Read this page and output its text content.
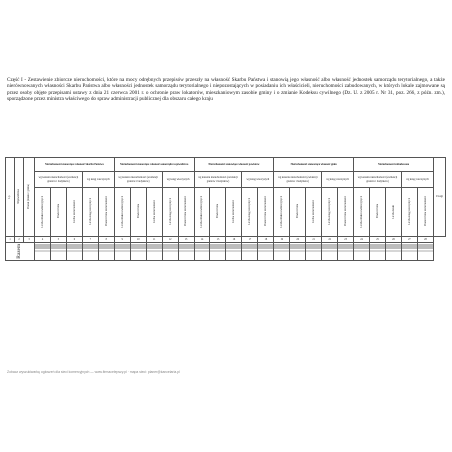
Część I - Zestawienie zbiorcze nieruchomości, które na mocy odrębnych przepisów przeszły na własność Skarbu Państwa i stanowią jego własność albo własność jednostek samorządu terytorialnego, a także nierównowanych własności Skarbu Państwa albo własności jednostek samorządu terytorialnego i niepozostających w posiadaniu ich właścicieli, nieruchomości zabudowanych, w których lokale zajmowane są przez osoby objęte przepisami ustawy z dnia 21 czerwca 2001 r. o ochronie praw lokatorów, mieszkaniowym zasobie gminy i o zmianie Kodeksu cywilnego (Dz. U. z 2005 r. Nr 31, poz. 266, z późn. zm.), sporządzone przez ministra właściwego do spraw administracji publicznej dla obszaru całego kraju
Lp.	Województwo	Powiat (miasto / gmina)	Nieruchomości stanowiące własność Skarbu Państwa					Nieruchomości stanowiące własność samorządu województwa					Nieruchomości stanowiące własność powiatów					Nieruchomości stanowiące własność gmin					Nieruchomości zabudowane					Uwagi
			wg katastru nieruchomości (ewidencji gruntów i budynków)			wg ksiąg wieczystych		wg katastru nieruchomości (ewidencji gruntów i budynków)			wg ksiąg wieczystych		wg katastru nieruchomości (ewidencji gruntów i budynków)			wg ksiąg wieczystych		wg katastru nieruchomości (ewidencji gruntów i budynków)			wg ksiąg wieczystych		wg katastru nieruchomości (ewidencji gruntów i budynków)			wg ksiąg wieczystych		
			Liczba działek ewidencyjnych	Powierzchnia	Liczba nieruchomości	Liczba ksiąg wieczystych	Powierzchnia nieruchomości	Liczba działek ewidencyjnych	Powierzchnia	Liczba nieruchomości	Liczba ksiąg wieczystych	Powierzchnia nieruchomości	Liczba działek ewidencyjnych	Powierzchnia	Liczba nieruchomości	Liczba ksiąg wieczystych	Powierzchnia nieruchomości	Liczba działek ewidencyjnych	Powierzchnia	Liczba nieruchomości	Liczba ksiąg wieczystych	Powierzchnia nieruchomości	Liczba działek ewidencyjnych	Powierzchnia	Liczba lokali	Liczba ksiąg wieczystych	Powierzchnia nieruchomości	
1	2	3	4	5	6	7	8	9	10	11	12	13	14	15	16	17	18	19	20	21	22	23	24	25	26	27	28	
Razem				

Zobacz wyszukiwarkę ogłoszeń dla sieci komercyjnych — www.firmacelepszy.pl · mapa sieci: planer@kancelaria.pl
